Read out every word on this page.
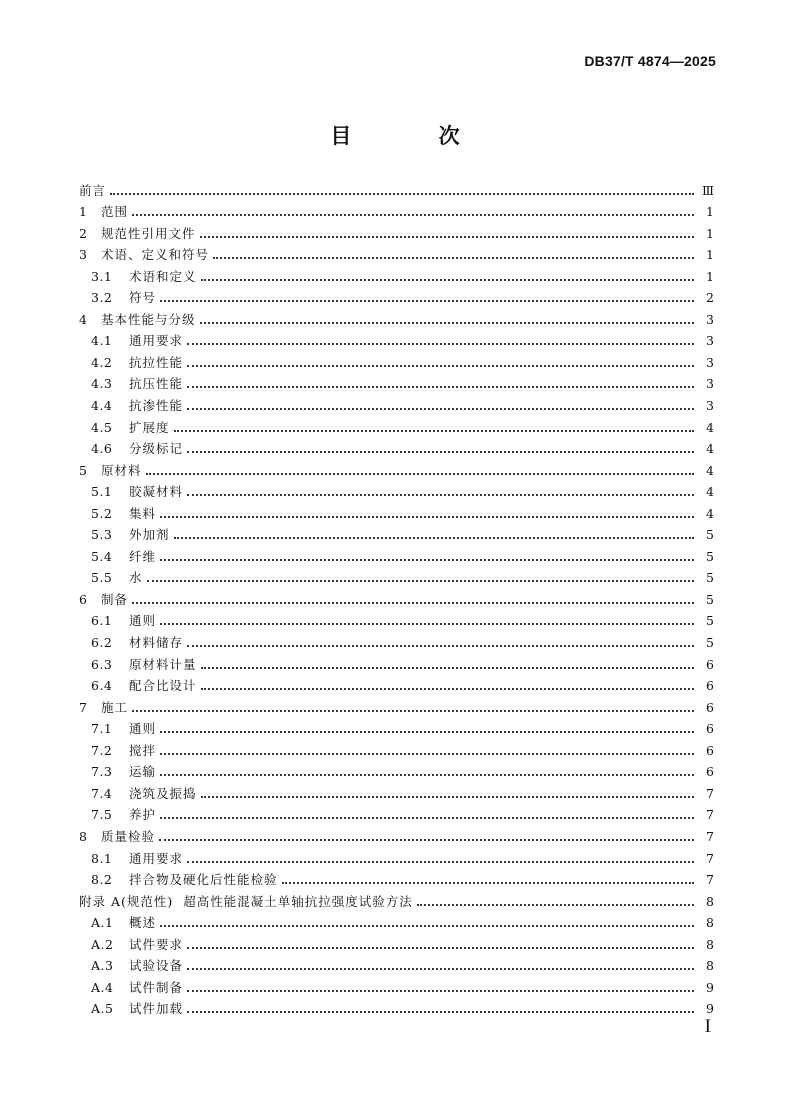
DB37/T 4874—2025
目 次
前言	Ⅲ
1	范围	1
2	规范性引用文件	1
3	术语、定义和符号	1
3.1	术语和定义	1
3.2	符号	2
4	基本性能与分级	3
4.1	通用要求	3
4.2	抗拉性能	3
4.3	抗压性能	3
4.4	抗渗性能	3
4.5	扩展度	4
4.6	分级标记	4
5	原材料	4
5.1	胶凝材料	4
5.2	集料	4
5.3	外加剂	5
5.4	纤维	5
5.5	水	5
6	制备	5
6.1	通则	5
6.2	材料储存	5
6.3	原材料计量	6
6.4	配合比设计	6
7	施工	6
7.1	通则	6
7.2	搅拌	6
7.3	运输	6
7.4	浇筑及振捣	7
7.5	养护	7
8	质量检验	7
8.1	通用要求	7
8.2	拌合物及硬化后性能检验	7
附录 A(规范性)  超高性能混凝土单轴抗拉强度试验方法	8
A.1	概述	8
A.2	试件要求	8
A.3	试验设备	8
A.4	试件制备	9
A.5	试件加载	9
I
